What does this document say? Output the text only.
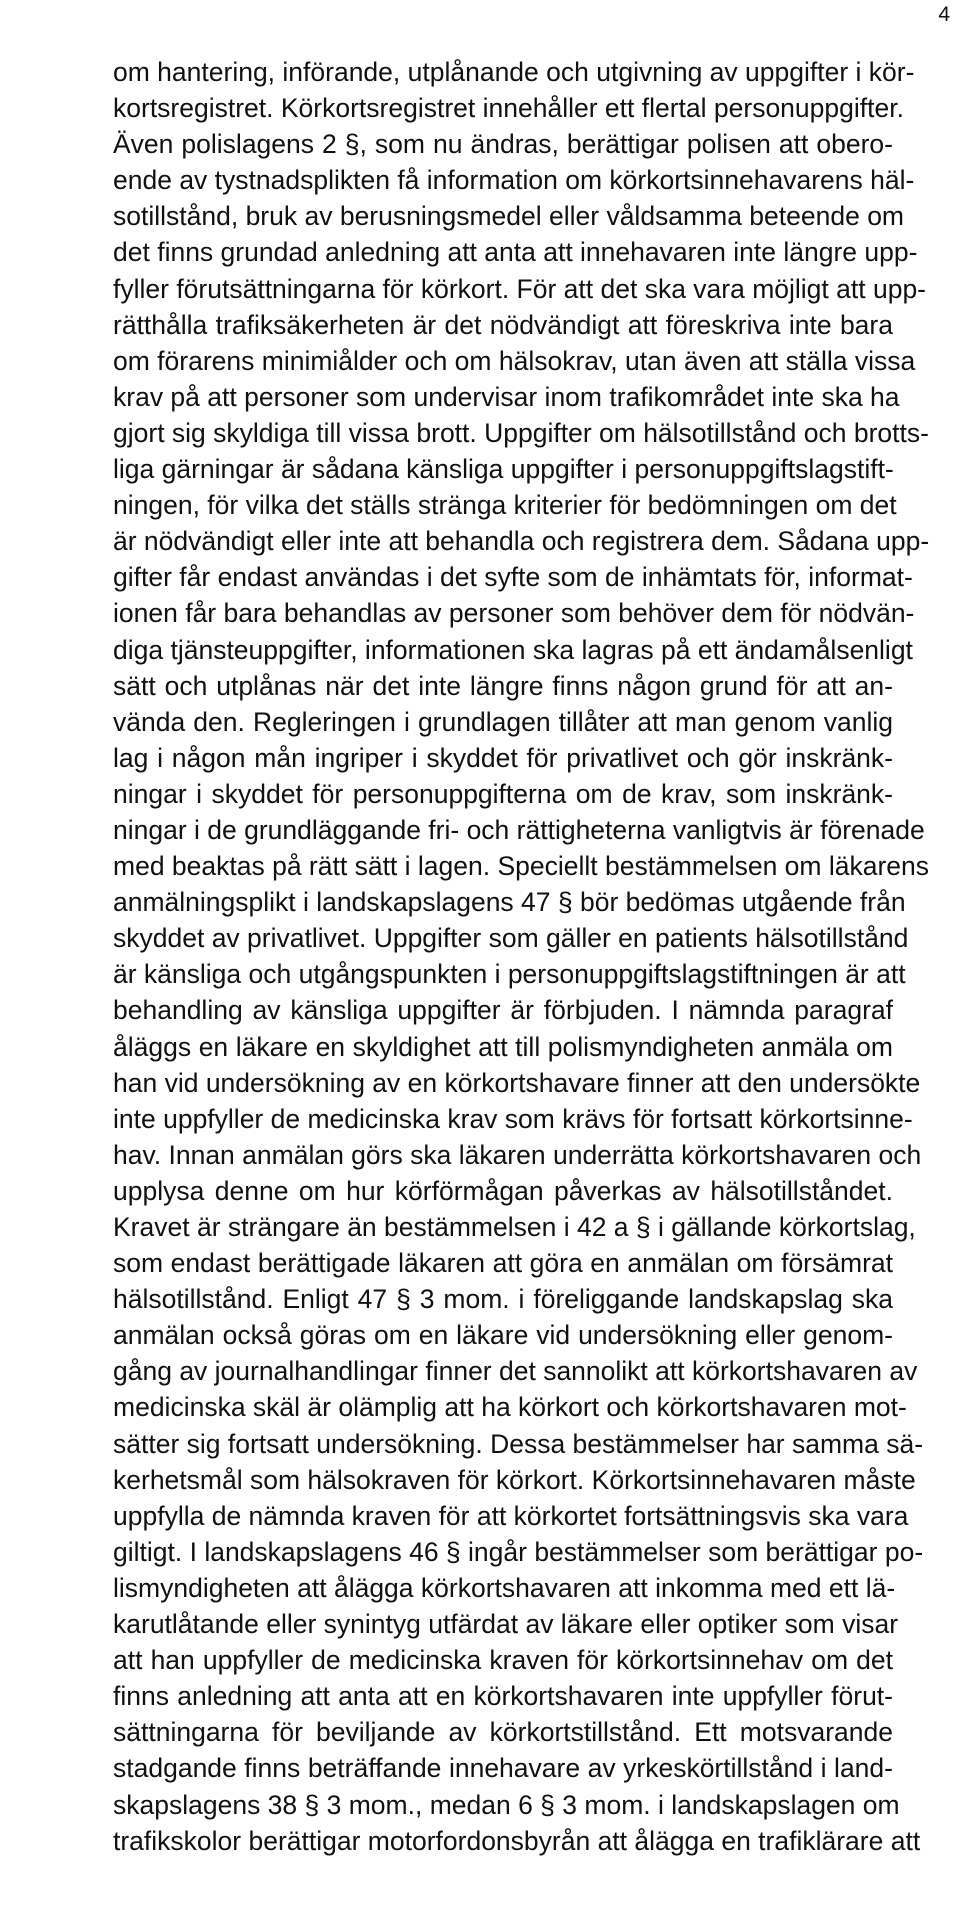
4
om hantering, införande, utplånande och utgivning av uppgifter i kör-
kortsregistret. Körkortsregistret innehåller ett flertal personuppgifter.
Även polislagens 2 §, som nu ändras, berättigar polisen att obero-
ende av tystnadsplikten få information om körkortsinnehavarens häl-
sotillstånd, bruk av berusningsmedel eller våldsamma beteende om
det finns grundad anledning att anta att innehavaren inte längre upp-
fyller förutsättningarna för körkort. För att det ska vara möjligt att upp-
rätthålla trafiksäkerheten är det nödvändigt att föreskriva inte bara
om förarens minimiålder och om hälsokrav, utan även att ställa vissa
krav på att personer som undervisar inom trafikområdet inte ska ha
gjort sig skyldiga till vissa brott. Uppgifter om hälsotillstånd och brotts-
liga gärningar är sådana känsliga uppgifter i personuppgiftslagstift-
ningen, för vilka det ställs stränga kriterier för bedömningen om det
är nödvändigt eller inte att behandla och registrera dem. Sådana upp-
gifter får endast användas i det syfte som de inhämtats för, informat-
ionen får bara behandlas av personer som behöver dem för nödvän-
diga tjänsteuppgifter, informationen ska lagras på ett ändamålsenligt
sätt och utplånas när det inte längre finns någon grund för att an-
vända den. Regleringen i grundlagen tillåter att man genom vanlig
lag i någon mån ingriper i skyddet för privatlivet och gör inskränk-
ningar i skyddet för personuppgifterna om de krav, som inskränk-
ningar i de grundläggande fri- och rättigheterna vanligtvis är förenade
med beaktas på rätt sätt i lagen. Speciellt bestämmelsen om läkarens
anmälningsplikt i landskapslagens 47 § bör bedömas utgående från
skyddet av privatlivet. Uppgifter som gäller en patients hälsotillstånd
är känsliga och utgångspunkten i personuppgiftslagstiftningen är att
behandling av känsliga uppgifter är förbjuden. I nämnda paragraf
åläggs en läkare en skyldighet att till polismyndigheten anmäla om
han vid undersökning av en körkortshavare finner att den undersökte
inte uppfyller de medicinska krav som krävs för fortsatt körkortsinne-
hav. Innan anmälan görs ska läkaren underrätta körkortshavaren och
upplysa denne om hur körförmågan påverkas av hälsotillståndet.
Kravet är strängare än bestämmelsen i 42 a § i gällande körkortslag,
som endast berättigade läkaren att göra en anmälan om försämrat
hälsotillstånd. Enligt 47 § 3 mom. i föreliggande landskapslag ska
anmälan också göras om en läkare vid undersökning eller genom-
gång av journalhandlingar finner det sannolikt att körkortshavaren av
medicinska skäl är olämplig att ha körkort och körkortshavaren mot-
sätter sig fortsatt undersökning. Dessa bestämmelser har samma sä-
kerhetsmål som hälsokraven för körkort. Körkortsinnehavaren måste
uppfylla de nämnda kraven för att körkortet fortsättningsvis ska vara
giltigt. I landskapslagens 46 § ingår bestämmelser som berättigar po-
lismyndigheten att ålägga körkortshavaren att inkomma med ett lä-
karutlåtande eller synintyg utfärdat av läkare eller optiker som visar
att han uppfyller de medicinska kraven för körkortsinnehav om det
finns anledning att anta att en körkortshavaren inte uppfyller förut-
sättningarna för beviljande av körkortstillstånd. Ett motsvarande
stadgande finns beträffande innehavare av yrkeskörtillstånd i land-
skapslagens 38 § 3 mom., medan 6 § 3 mom. i landskapslagen om
trafikskolor berättigar motorfordonsbyrån att ålägga en trafiklärare att
